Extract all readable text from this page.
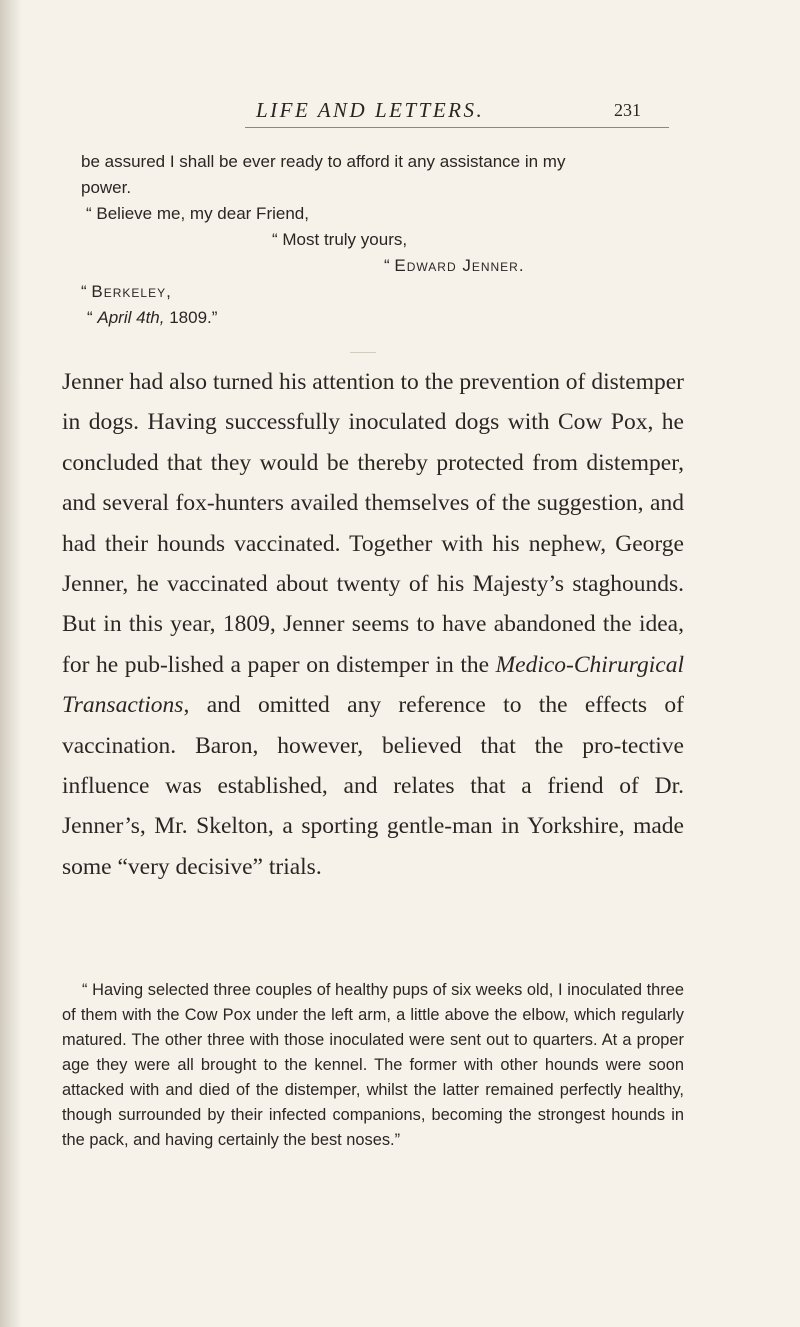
LIFE AND LETTERS.	231

be assured I shall be ever ready to afford it any assistance in my

power.

“ Believe me, my dear Friend,

“ Most truly yours,

“ Edward Jenner.

“ Berkeley,

“ April 4th, 1809.”

Jenner had also turned his attention to the prevention of distemper in dogs. Having successfully inoculated dogs with Cow Pox, he concluded that they would be thereby protected from distemper, and several fox-hunters availed themselves of the suggestion, and had their hounds vaccinated. Together with his nephew, George Jenner, he vaccinated about twenty of his Majesty’s staghounds. But in this year, 1809, Jenner seems to have abandoned the idea, for he pub-lished a paper on distemper in the Medico-Chirurgical Transactions, and omitted any reference to the effects of vaccination. Baron, however, believed that the pro-tective influence was established, and relates that a friend of Dr. Jenner’s, Mr. Skelton, a sporting gentle-man in Yorkshire, made some “very decisive” trials.

“ Having selected three couples of healthy pups of six weeks old, I inoculated three of them with the Cow Pox under the left arm, a little above the elbow, which regularly matured. The other three with those inoculated were sent out to quarters. At a proper age they were all brought to the kennel. The former with other hounds were soon attacked with and died of the distemper, whilst the latter remained perfectly healthy, though surrounded by their infected companions, becoming the strongest hounds in the pack, and having certainly the best noses.”
